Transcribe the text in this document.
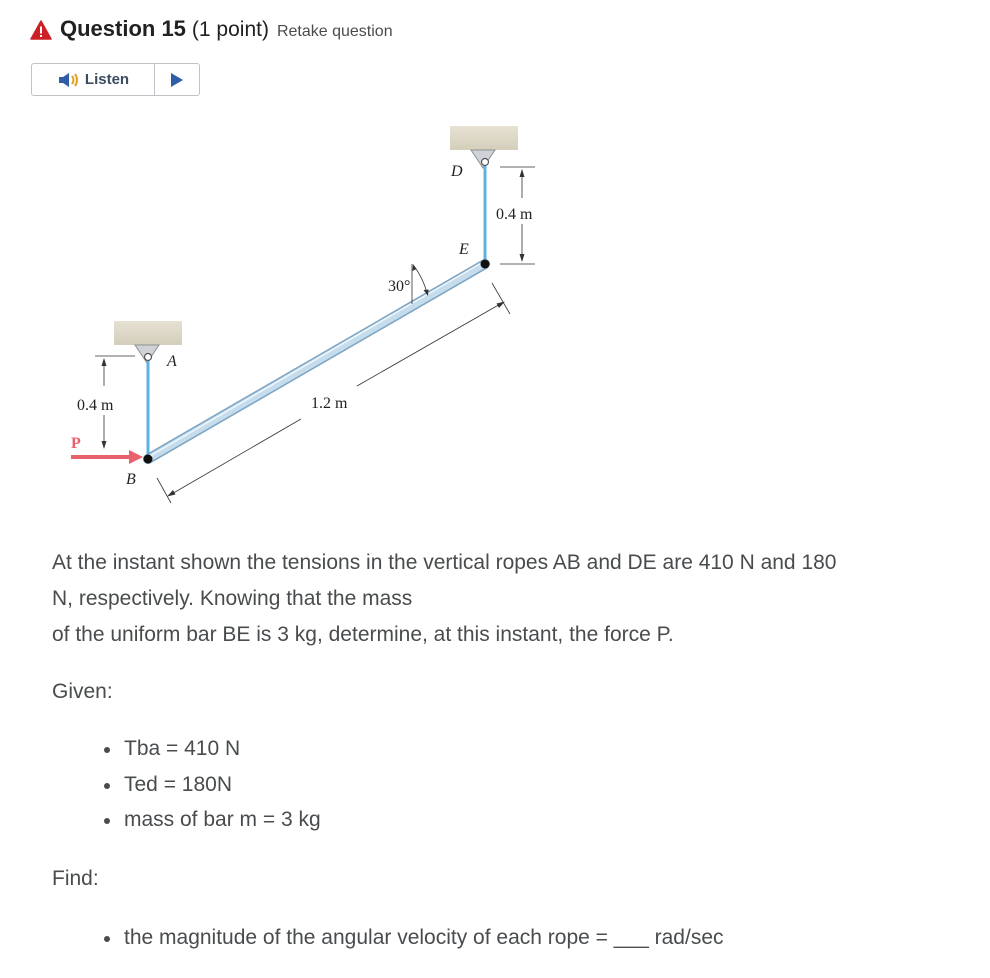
Question 15 (1 point) Retake question
Listen
0.4 m
0.4 m	1.2 m
30°
D
E
A
B
P

At the instant shown the tensions in the vertical ropes AB and DE are 410 N and 180

N, respectively. Knowing that the mass

of the uniform bar BE is 3 kg, determine, at this instant, the force P.

Given:
Tba = 410 N
Ted = 180N
mass of bar m = 3 kg
Find:
the magnitude of the angular velocity of each rope = ___ rad/sec
